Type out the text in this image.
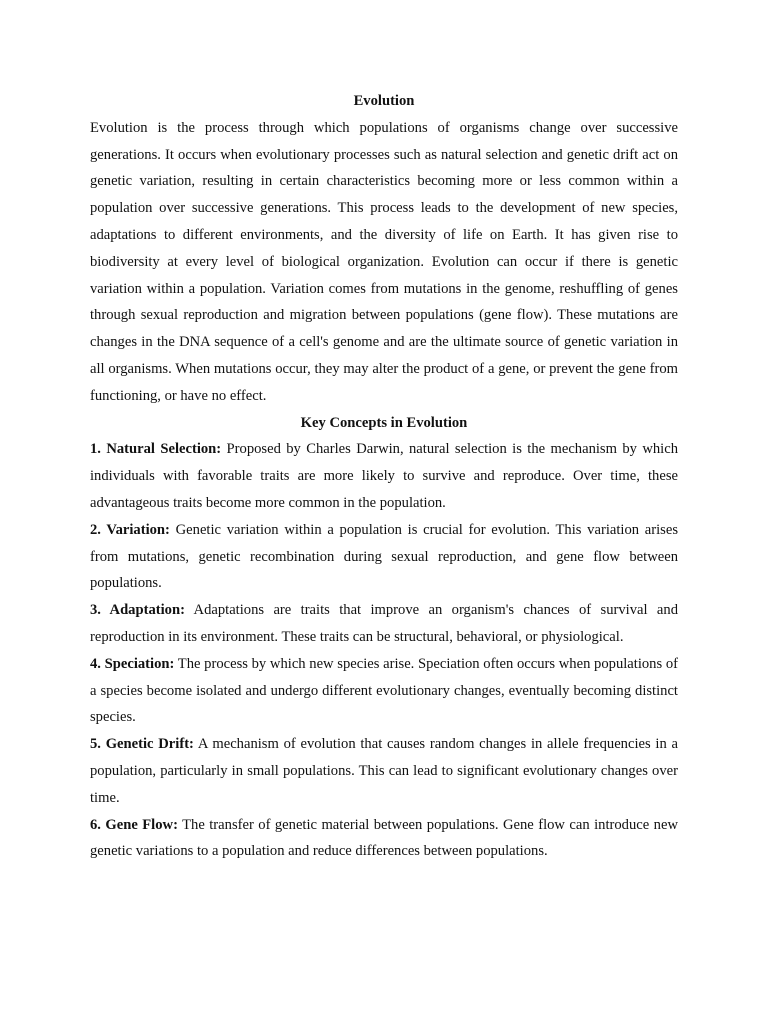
Evolution

Evolution is the process through which populations of organisms change over successive generations. It occurs when evolutionary processes such as natural selection and genetic drift act on genetic variation, resulting in certain characteristics becoming more or less common within a population over successive generations. This process leads to the development of new species, adaptations to different environments, and the diversity of life on Earth. It has given rise to biodiversity at every level of biological organization. Evolution can occur if there is genetic variation within a population. Variation comes from mutations in the genome, reshuffling of genes through sexual reproduction and migration between populations (gene flow). These mutations are changes in the DNA sequence of a cell's genome and are the ultimate source of genetic variation in all organisms. When mutations occur, they may alter the product of a gene, or prevent the gene from functioning, or have no effect.

Key Concepts in Evolution

1. Natural Selection: Proposed by Charles Darwin, natural selection is the mechanism by which individuals with favorable traits are more likely to survive and reproduce. Over time, these advantageous traits become more common in the population.

2. Variation: Genetic variation within a population is crucial for evolution. This variation arises from mutations, genetic recombination during sexual reproduction, and gene flow between populations.

3. Adaptation: Adaptations are traits that improve an organism's chances of survival and reproduction in its environment. These traits can be structural, behavioral, or physiological.

4. Speciation: The process by which new species arise. Speciation often occurs when populations of a species become isolated and undergo different evolutionary changes, eventually becoming distinct species.

5. Genetic Drift: A mechanism of evolution that causes random changes in allele frequencies in a population, particularly in small populations. This can lead to significant evolutionary changes over time.

6. Gene Flow: The transfer of genetic material between populations. Gene flow can introduce new genetic variations to a population and reduce differences between populations.
